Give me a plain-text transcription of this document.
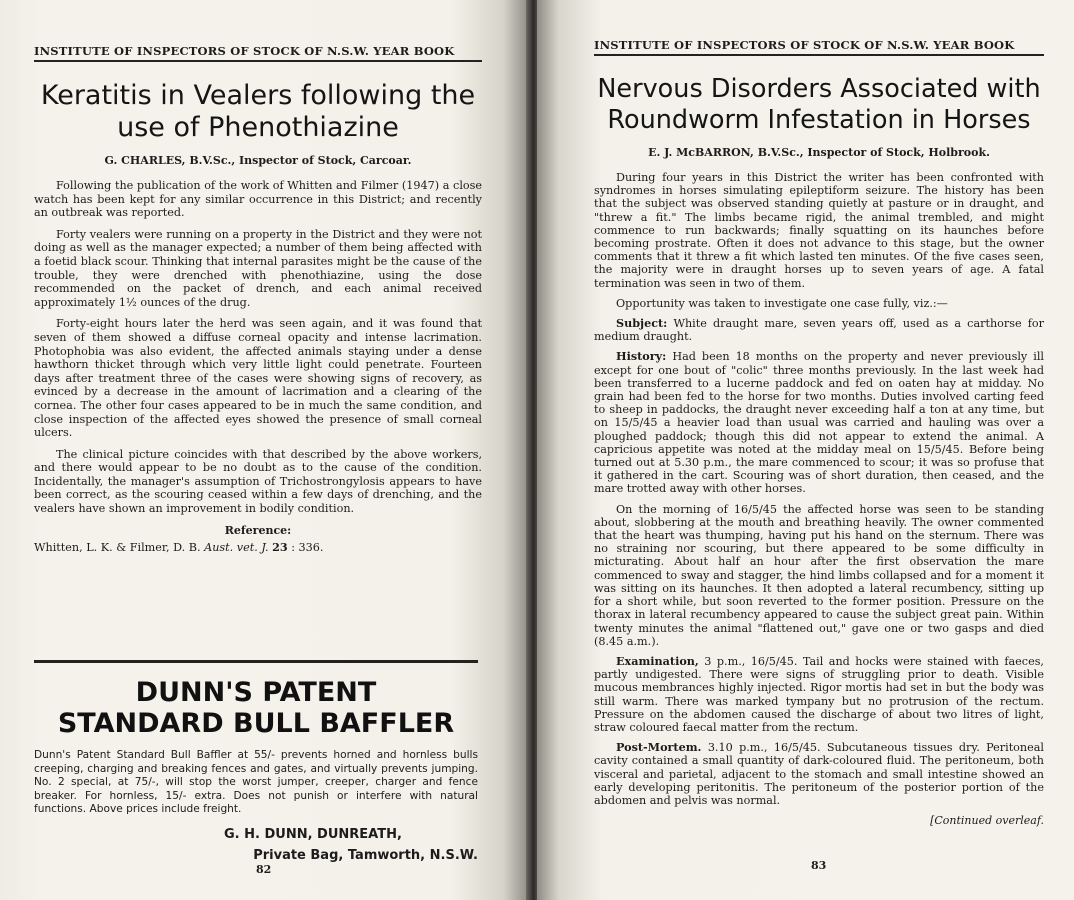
INSTITUTE OF INSPECTORS OF STOCK OF N.S.W. YEAR BOOK
Keratitis in Vealers following the use of Phenothiazine
G. CHARLES, B.V.Sc., Inspector of Stock, Carcoar.

Following the publication of the work of Whitten and Filmer (1947) a close watch has been kept for any similar occurrence in this District; and recently an outbreak was reported.

Forty vealers were running on a property in the District and they were not doing as well as the manager expected; a number of them being affected with a foetid black scour. Thinking that internal parasites might be the cause of the trouble, they were drenched with phenothiazine, using the dose recommended on the packet of drench, and each animal received approximately 1½ ounces of the drug.

Forty-eight hours later the herd was seen again, and it was found that seven of them showed a diffuse corneal opacity and intense lacrimation. Photophobia was also evident, the affected animals staying under a dense hawthorn thicket through which very little light could penetrate. Fourteen days after treatment three of the cases were showing signs of recovery, as evinced by a decrease in the amount of lacrimation and a clearing of the cornea. The other four cases appeared to be in much the same condition, and close inspection of the affected eyes showed the presence of small corneal ulcers.

The clinical picture coincides with that described by the above workers, and there would appear to be no doubt as to the cause of the condition. Incidentally, the manager's assumption of Trichostrongylosis appears to have been correct, as the scouring ceased within a few days of drenching, and the vealers have shown an improvement in bodily condition.

Reference:

Whitten, L. K. & Filmer, D. B. Aust. vet. J. 23 : 336.

DUNN'S PATENT
STANDARD BULL BAFFLER

Dunn's Patent Standard Bull Baffler at 55/- prevents horned and hornless bulls creeping, charging and breaking fences and gates, and virtually prevents jumping. No. 2 special, at 75/-, will stop the worst jumper, creeper, charger and fence breaker. For hornless, 15/- extra. Does not punish or interfere with natural functions. Above prices include freight.

G. H. DUNN, DUNREATH,
Private Bag, Tamworth, N.S.W.
82
INSTITUTE OF INSPECTORS OF STOCK OF N.S.W. YEAR BOOK
Nervous Disorders Associated with Roundworm Infestation in Horses
E. J. McBARRON, B.V.Sc., Inspector of Stock, Holbrook.

During four years in this District the writer has been confronted with syndromes in horses simulating epileptiform seizure. The history has been that the subject was observed standing quietly at pasture or in draught, and "threw a fit." The limbs became rigid, the animal trembled, and might commence to run backwards; finally squatting on its haunches before becoming prostrate. Often it does not advance to this stage, but the owner comments that it threw a fit which lasted ten minutes. Of the five cases seen, the majority were in draught horses up to seven years of age. A fatal termination was seen in two of them.

Opportunity was taken to investigate one case fully, viz.:—

Subject: White draught mare, seven years off, used as a carthorse for medium draught.

History: Had been 18 months on the property and never previously ill except for one bout of "colic" three months previously. In the last week had been transferred to a lucerne paddock and fed on oaten hay at midday. No grain had been fed to the horse for two months. Duties involved carting feed to sheep in paddocks, the draught never exceeding half a ton at any time, but on 15/5/45 a heavier load than usual was carried and hauling was over a ploughed paddock; though this did not appear to extend the animal. A capricious appetite was noted at the midday meal on 15/5/45. Before being turned out at 5.30 p.m., the mare commenced to scour; it was so profuse that it gathered in the cart. Scouring was of short duration, then ceased, and the mare trotted away with other horses.

On the morning of 16/5/45 the affected horse was seen to be standing about, slobbering at the mouth and breathing heavily. The owner commented that the heart was thumping, having put his hand on the sternum. There was no straining nor scouring, but there appeared to be some difficulty in micturating. About half an hour after the first observation the mare commenced to sway and stagger, the hind limbs collapsed and for a moment it was sitting on its haunches. It then adopted a lateral recumbency, sitting up for a short while, but soon reverted to the former position. Pressure on the thorax in lateral recumbency appeared to cause the subject great pain. Within twenty minutes the animal "flattened out," gave one or two gasps and died (8.45 a.m.).

Examination, 3 p.m., 16/5/45. Tail and hocks were stained with faeces, partly undigested. There were signs of struggling prior to death. Visible mucous membrances highly injected. Rigor mortis had set in but the body was still warm. There was marked tympany but no protrusion of the rectum. Pressure on the abdomen caused the discharge of about two litres of light, straw coloured faecal matter from the rectum.

Post-Mortem. 3.10 p.m., 16/5/45. Subcutaneous tissues dry. Peritoneal cavity contained a small quantity of dark-coloured fluid. The peritoneum, both visceral and parietal, adjacent to the stomach and small intestine showed an early developing peritonitis. The peritoneum of the posterior portion of the abdomen and pelvis was normal.

[Continued overleaf.
83
